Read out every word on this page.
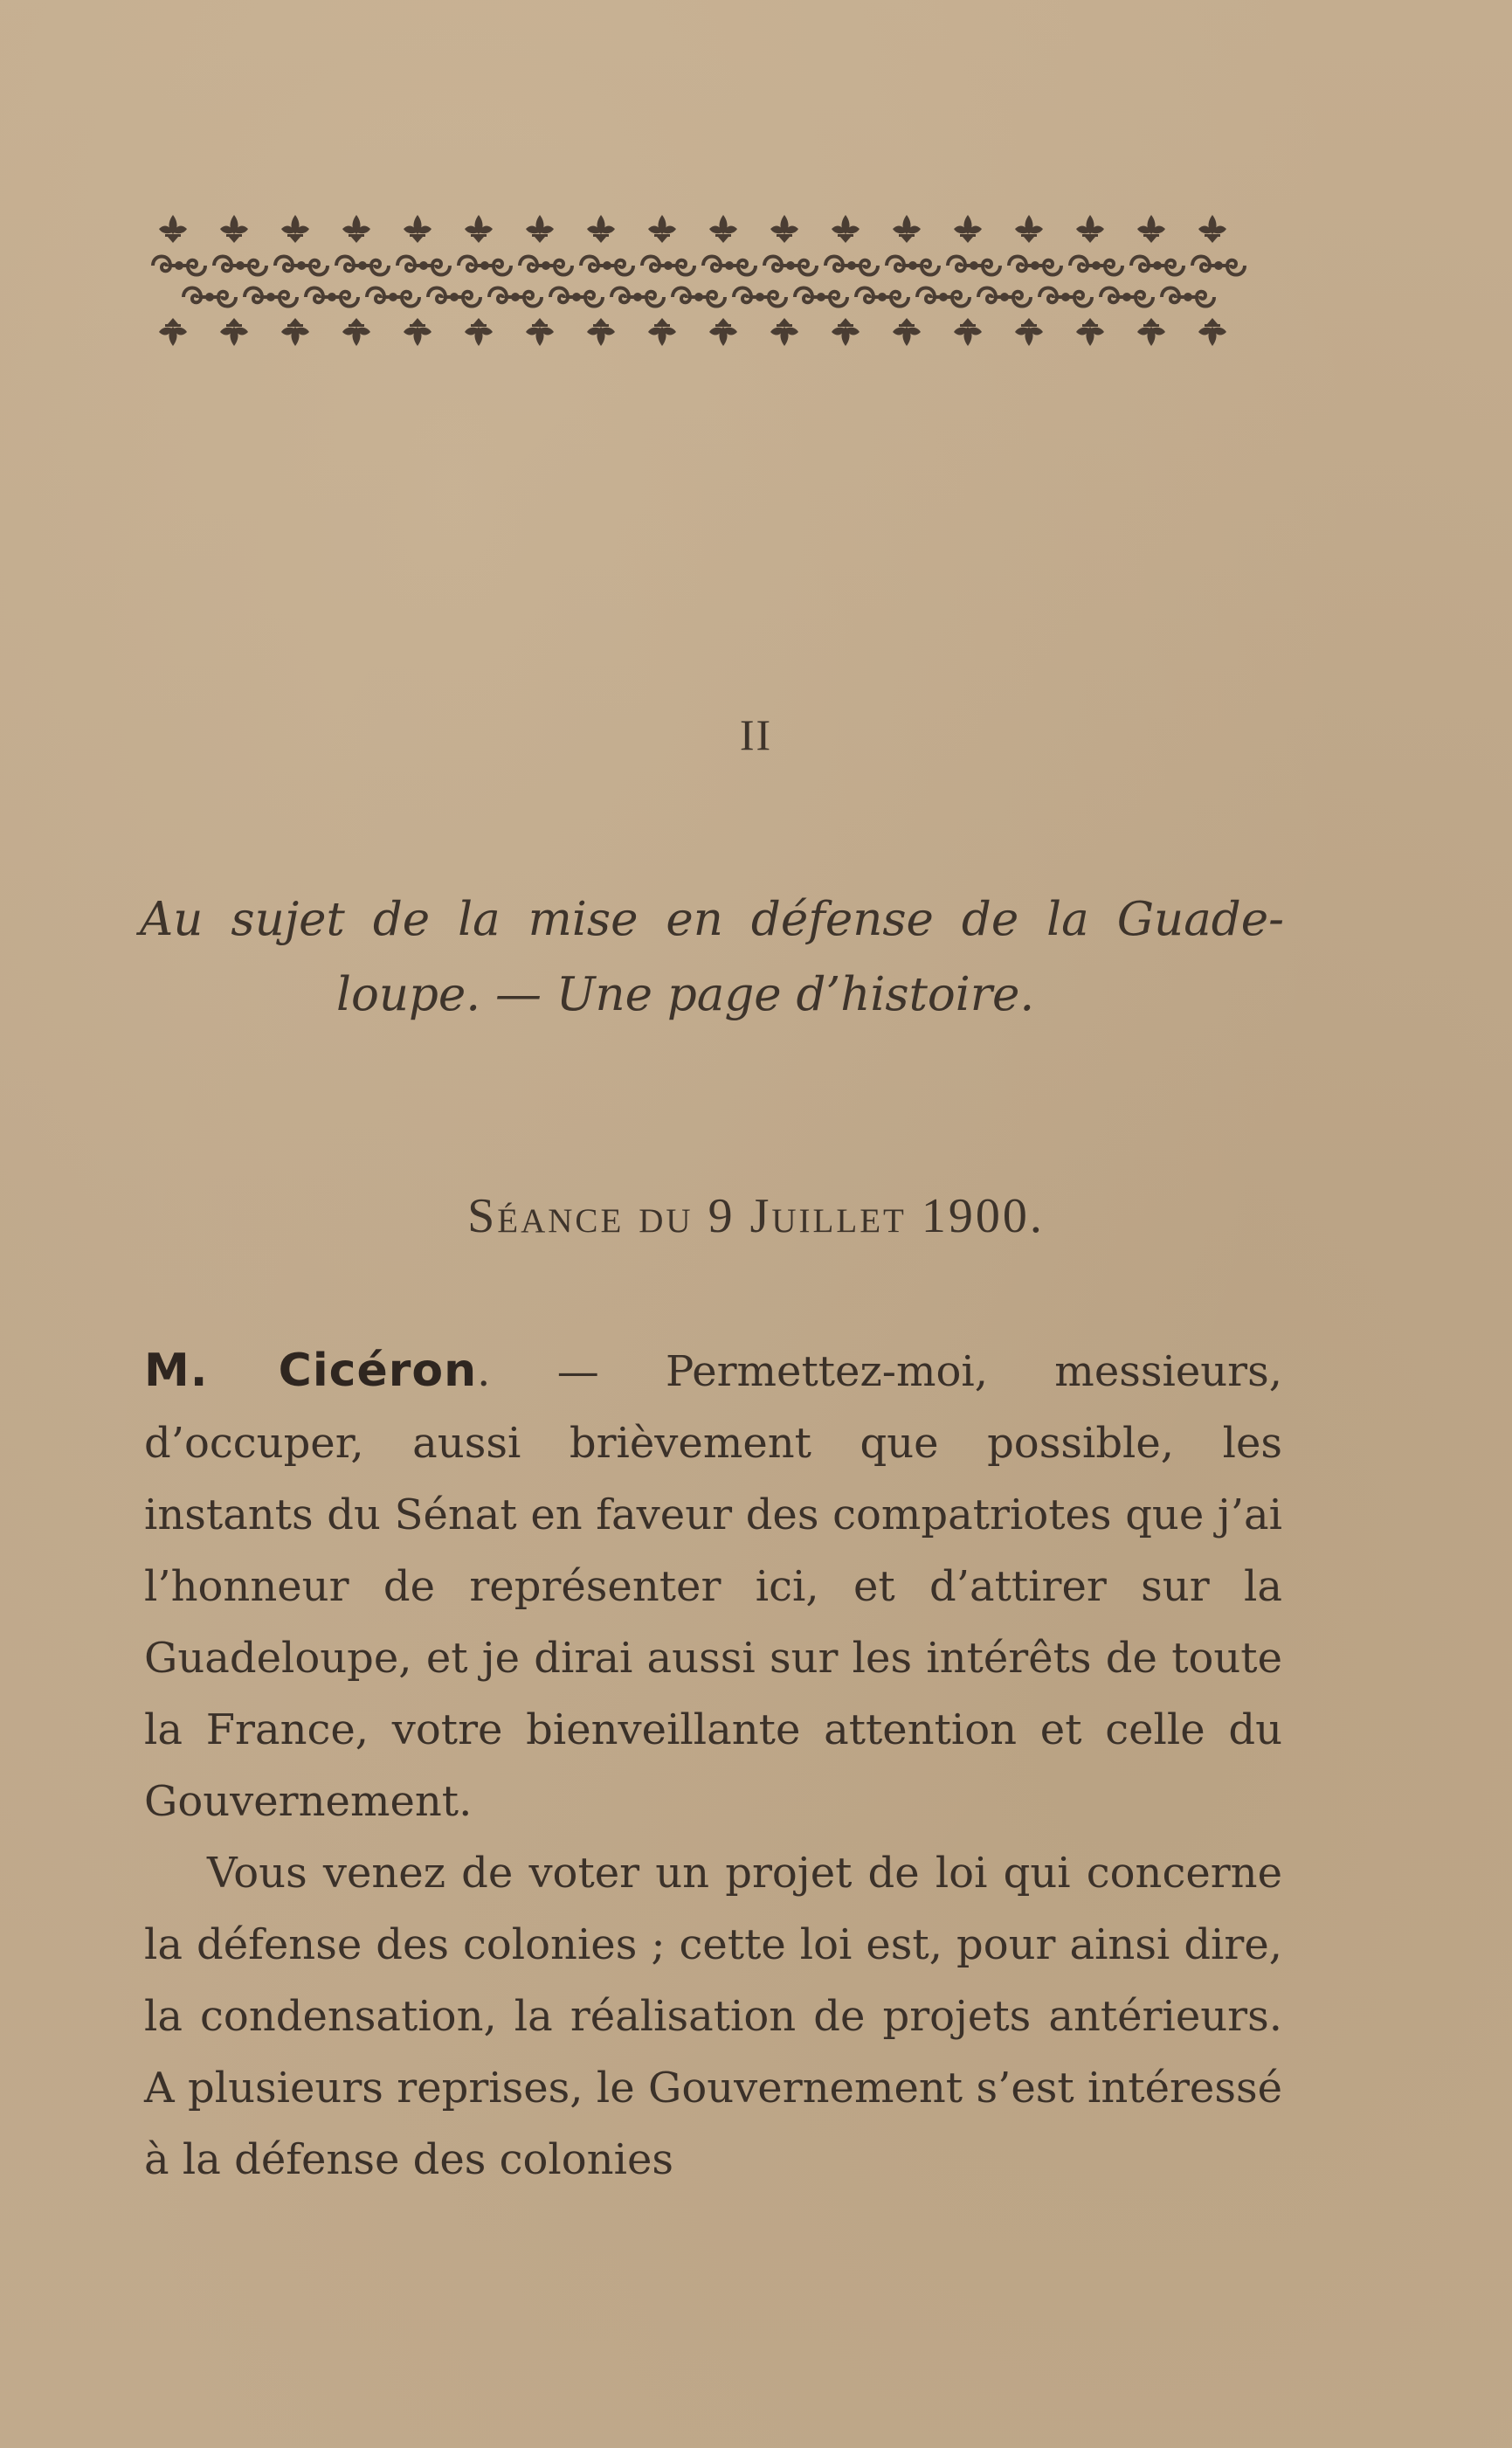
II
Au sujet de la mise en défense de la Guade-
loupe. — Une page d’histoire.
Séance du 9 Juillet 1900.

M. Cicéron. — Permettez-moi, messieurs, d’occuper, aussi brièvement que possible, les instants du Sénat en faveur des compatriotes que j’ai l’honneur de représenter ici, et d’attirer sur la Guadeloupe, et je dirai aussi sur les intérêts de toute la France, votre bienveillante attention et celle du Gouvernement.

Vous venez de voter un projet de loi qui concerne la défense des colonies ; cette loi est, pour ainsi dire, la condensation, la réalisation de projets antérieurs. A plusieurs reprises, le Gouvernement s’est intéressé à la défense des colonies
